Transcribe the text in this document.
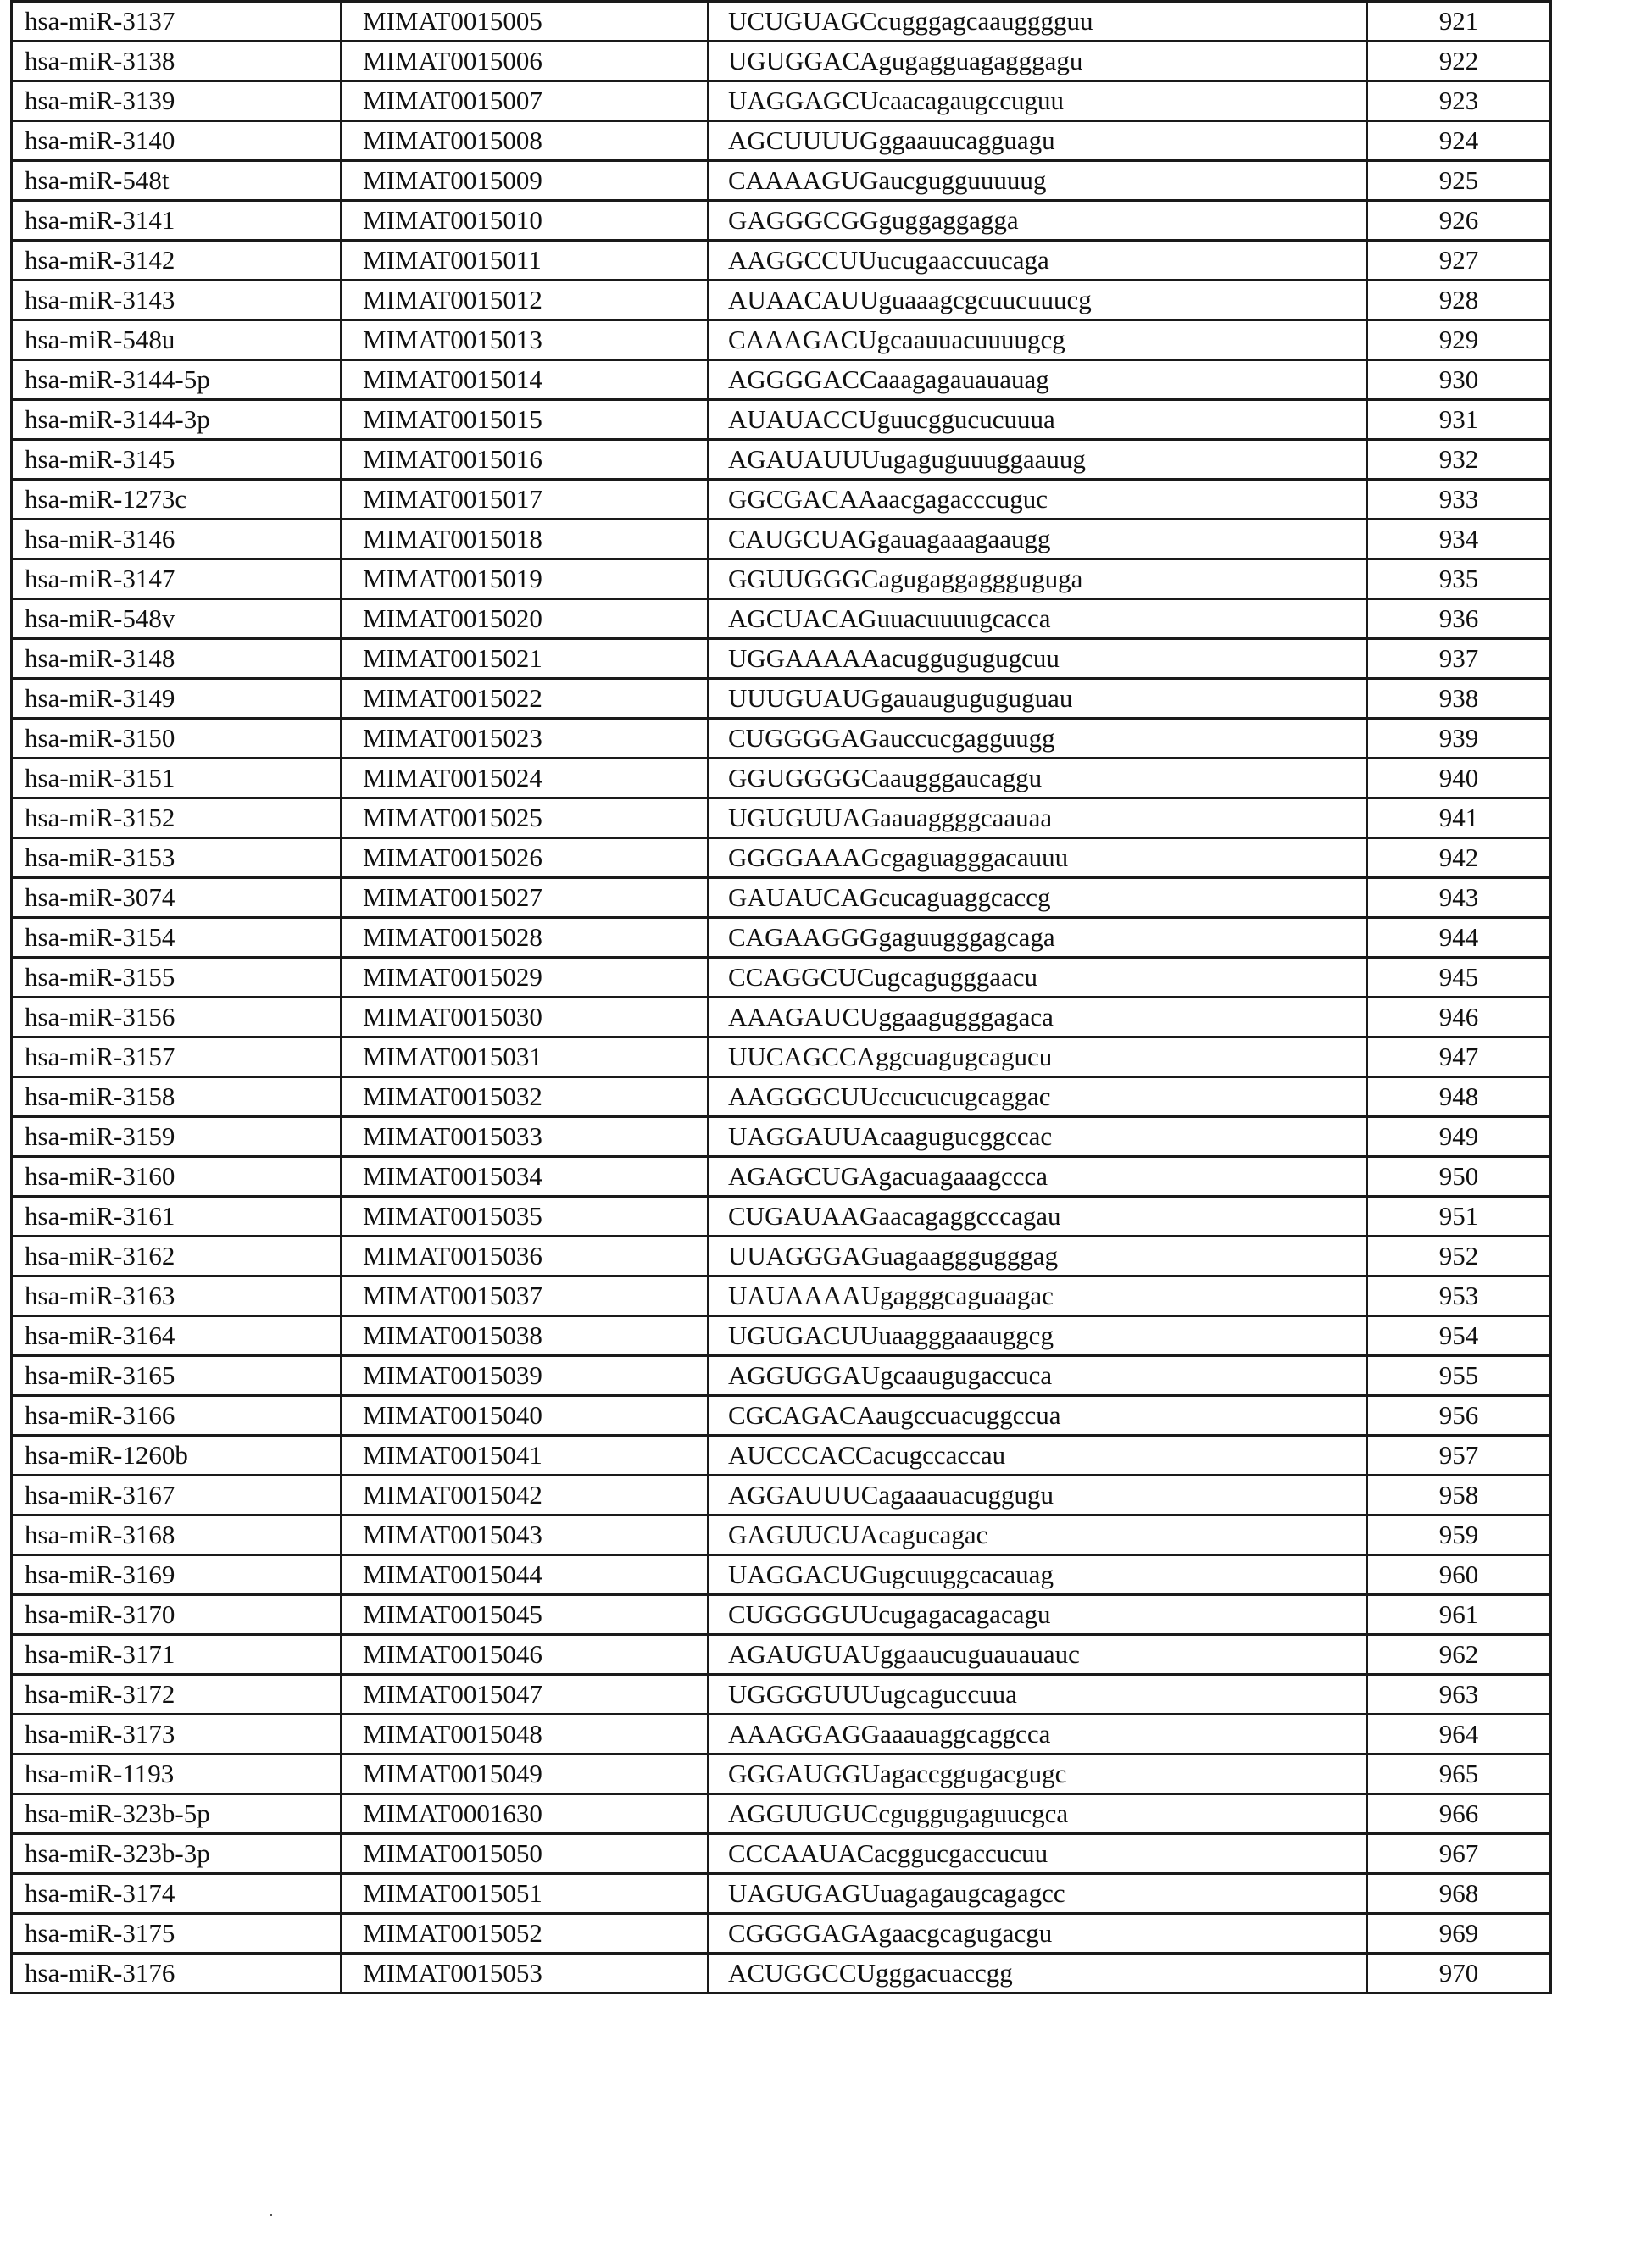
hsa-miR-3137	MIMAT0015005	UCUGUAGCcugggagcaaugggguu	921
hsa-miR-3138	MIMAT0015006	UGUGGACAgugagguagagggagu	922
hsa-miR-3139	MIMAT0015007	UAGGAGCUcaacagaugccuguu	923
hsa-miR-3140	MIMAT0015008	AGCUUUUGggaauucagguagu	924
hsa-miR-548t	MIMAT0015009	CAAAAGUGaucgugguuuuug	925
hsa-miR-3141	MIMAT0015010	GAGGGCGGguggaggagga	926
hsa-miR-3142	MIMAT0015011	AAGGCCUUucugaaccuucaga	927
hsa-miR-3143	MIMAT0015012	AUAACAUUguaaagcgcuucuuucg	928
hsa-miR-548u	MIMAT0015013	CAAAGACUgcaauuacuuuugcg	929
hsa-miR-3144-5p	MIMAT0015014	AGGGGACCaaagagauauauag	930
hsa-miR-3144-3p	MIMAT0015015	AUAUACCUguucggucucuuua	931
hsa-miR-3145	MIMAT0015016	AGAUAUUUugaguguuuggaauug	932
hsa-miR-1273c	MIMAT0015017	GGCGACAAaacgagacccuguc	933
hsa-miR-3146	MIMAT0015018	CAUGCUAGgauagaaagaaugg	934
hsa-miR-3147	MIMAT0015019	GGUUGGGCagugaggaggguguga	935
hsa-miR-548v	MIMAT0015020	AGCUACAGuuacuuuugcacca	936
hsa-miR-3148	MIMAT0015021	UGGAAAAAacuggugugugcuu	937
hsa-miR-3149	MIMAT0015022	UUUGUAUGgauauguguguguau	938
hsa-miR-3150	MIMAT0015023	CUGGGGAGauccucgagguugg	939
hsa-miR-3151	MIMAT0015024	GGUGGGGCaaugggaucaggu	940
hsa-miR-3152	MIMAT0015025	UGUGUUAGaauaggggcaauaa	941
hsa-miR-3153	MIMAT0015026	GGGGAAAGcgaguagggacauuu	942
hsa-miR-3074	MIMAT0015027	GAUAUCAGcucaguaggcaccg	943
hsa-miR-3154	MIMAT0015028	CAGAAGGGgaguugggagcaga	944
hsa-miR-3155	MIMAT0015029	CCAGGCUCugcagugggaacu	945
hsa-miR-3156	MIMAT0015030	AAAGAUCUggaagugggagaca	946
hsa-miR-3157	MIMAT0015031	UUCAGCCAggcuagugcagucu	947
hsa-miR-3158	MIMAT0015032	AAGGGCUUccucucugcaggac	948
hsa-miR-3159	MIMAT0015033	UAGGAUUAcaagugucggccac	949
hsa-miR-3160	MIMAT0015034	AGAGCUGAgacuagaaagccca	950
hsa-miR-3161	MIMAT0015035	CUGAUAAGaacagaggcccagau	951
hsa-miR-3162	MIMAT0015036	UUAGGGAGuagaagggugggag	952
hsa-miR-3163	MIMAT0015037	UAUAAAAUgagggcaguaagac	953
hsa-miR-3164	MIMAT0015038	UGUGACUUuaagggaaauggcg	954
hsa-miR-3165	MIMAT0015039	AGGUGGAUgcaaugugaccuca	955
hsa-miR-3166	MIMAT0015040	CGCAGACAaugccuacuggccua	956
hsa-miR-1260b	MIMAT0015041	AUCCCACCacugccaccau	957
hsa-miR-3167	MIMAT0015042	AGGAUUUCagaaauacuggugu	958
hsa-miR-3168	MIMAT0015043	GAGUUCUAcagucagac	959
hsa-miR-3169	MIMAT0015044	UAGGACUGugcuuggcacauag	960
hsa-miR-3170	MIMAT0015045	CUGGGGUUcugagacagacagu	961
hsa-miR-3171	MIMAT0015046	AGAUGUAUggaaucuguauauauc	962
hsa-miR-3172	MIMAT0015047	UGGGGUUUugcaguccuua	963
hsa-miR-3173	MIMAT0015048	AAAGGAGGaaauaggcaggcca	964
hsa-miR-1193	MIMAT0015049	GGGAUGGUagaccggugacgugc	965
hsa-miR-323b-5p	MIMAT0001630	AGGUUGUCcguggugaguucgca	966
hsa-miR-323b-3p	MIMAT0015050	CCCAAUACacggucgaccucuu	967
hsa-miR-3174	MIMAT0015051	UAGUGAGUuagagaugcagagcc	968
hsa-miR-3175	MIMAT0015052	CGGGGAGAgaacgcagugacgu	969
hsa-miR-3176	MIMAT0015053	ACUGGCCUgggacuaccgg	970
